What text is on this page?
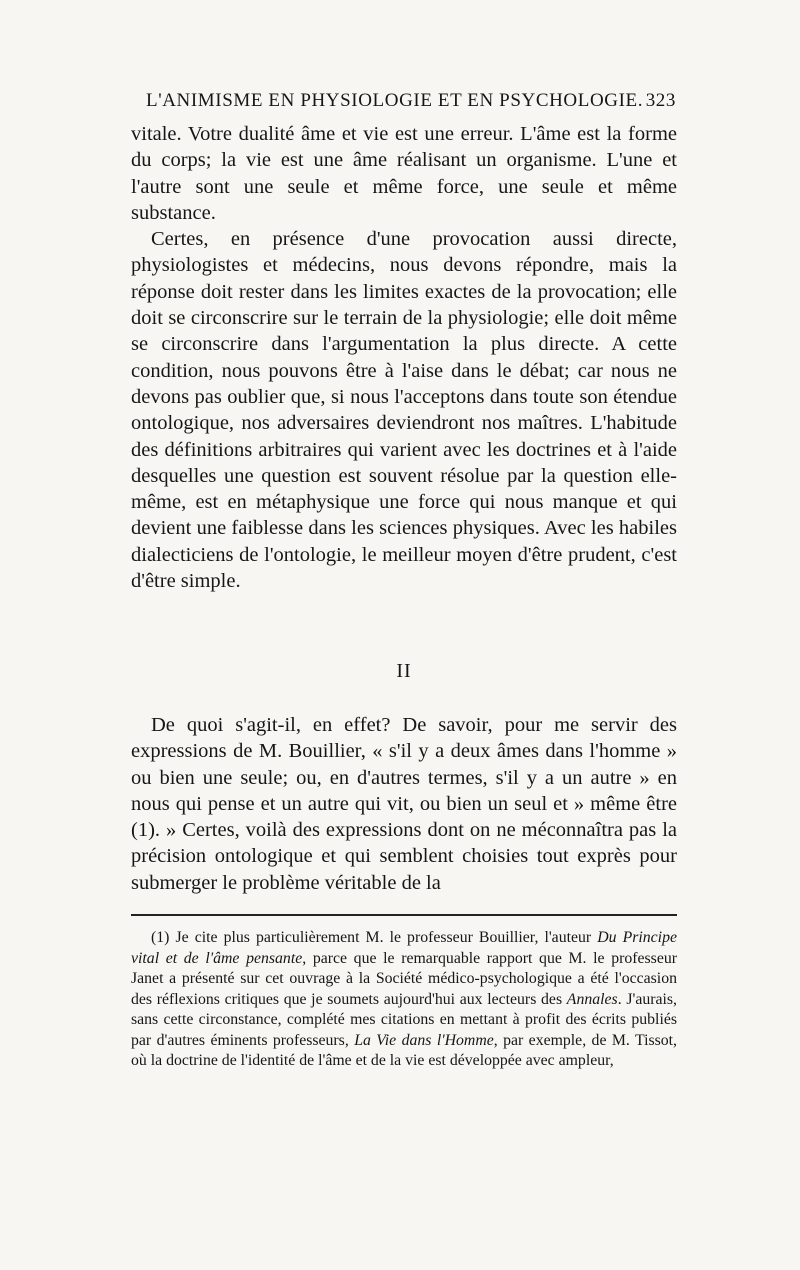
L'ANIMISME EN PHYSIOLOGIE ET EN PSYCHOLOGIE. 323

vitale. Votre dualité âme et vie est une erreur. L'âme est la forme du corps; la vie est une âme réalisant un organisme. L'une et l'autre sont une seule et même force, une seule et même substance.

Certes, en présence d'une provocation aussi directe, physiologistes et médecins, nous devons répondre, mais la réponse doit rester dans les limites exactes de la provocation; elle doit se circonscrire sur le terrain de la physiologie; elle doit même se circonscrire dans l'argumentation la plus directe. A cette condition, nous pouvons être à l'aise dans le débat; car nous ne devons pas oublier que, si nous l'acceptons dans toute son étendue ontologique, nos adversaires deviendront nos maîtres. L'habitude des définitions arbitraires qui varient avec les doctrines et à l'aide desquelles une question est souvent résolue par la question elle-même, est en métaphysique une force qui nous manque et qui devient une faiblesse dans les sciences physiques. Avec les habiles dialecticiens de l'ontologie, le meilleur moyen d'être prudent, c'est d'être simple.

II

De quoi s'agit-il, en effet? De savoir, pour me servir des expressions de M. Bouillier, « s'il y a deux âmes dans l'homme » ou bien une seule; ou, en d'autres termes, s'il y a un autre » en nous qui pense et un autre qui vit, ou bien un seul et » même être (1). » Certes, voilà des expressions dont on ne méconnaîtra pas la précision ontologique et qui semblent choisies tout exprès pour submerger le problème véritable de la

(1) Je cite plus particulièrement M. le professeur Bouillier, l'auteur Du Principe vital et de l'âme pensante, parce que le remarquable rapport que M. le professeur Janet a présenté sur cet ouvrage à la Société médico-psychologique a été l'occasion des réflexions critiques que je soumets aujourd'hui aux lecteurs des Annales. J'aurais, sans cette circonstance, complété mes citations en mettant à profit des écrits publiés par d'autres éminents professeurs, La Vie dans l'Homme, par exemple, de M. Tissot, où la doctrine de l'identité de l'âme et de la vie est développée avec ampleur,
